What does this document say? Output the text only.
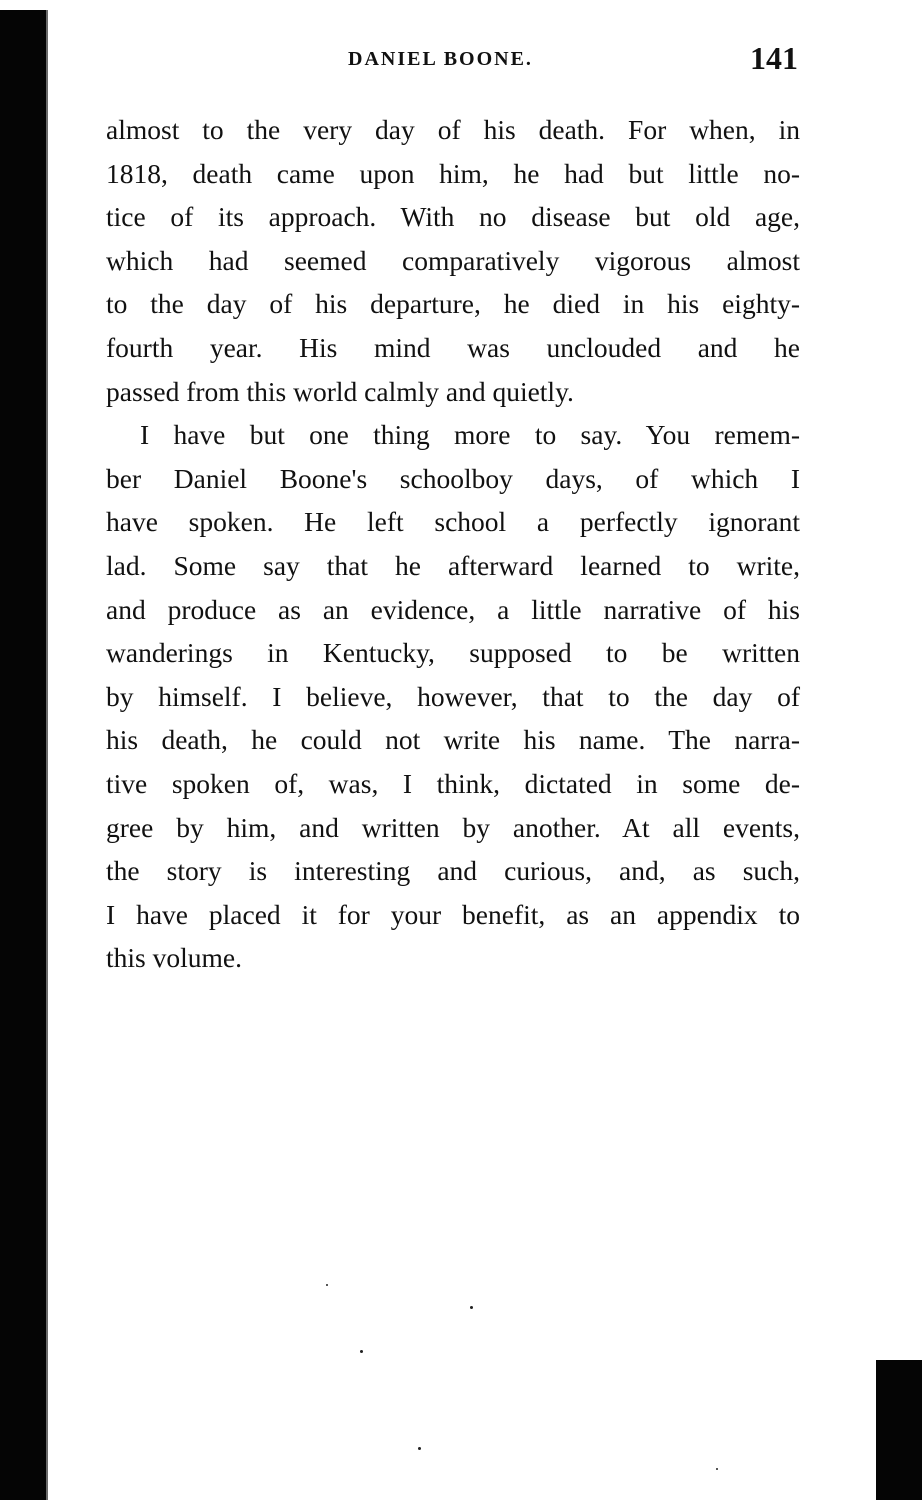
DANIEL BOONE.	141
almost to the very day of his death. For when, in
1818, death came upon him, he had but little no-
tice of its approach. With no disease but old age,
which had seemed comparatively vigorous almost
to the day of his departure, he died in his eighty-
fourth year. His mind was unclouded and he
passed from this world calmly and quietly.
I have but one thing more to say. You remem-
ber Daniel Boone's schoolboy days, of which I
have spoken. He left school a perfectly ignorant
lad. Some say that he afterward learned to write,
and produce as an evidence, a little narrative of his
wanderings in Kentucky, supposed to be written
by himself. I believe, however, that to the day of
his death, he could not write his name. The narra-
tive spoken of, was, I think, dictated in some de-
gree by him, and written by another. At all events,
the story is interesting and curious, and, as such,
I have placed it for your benefit, as an appendix to
this volume.
